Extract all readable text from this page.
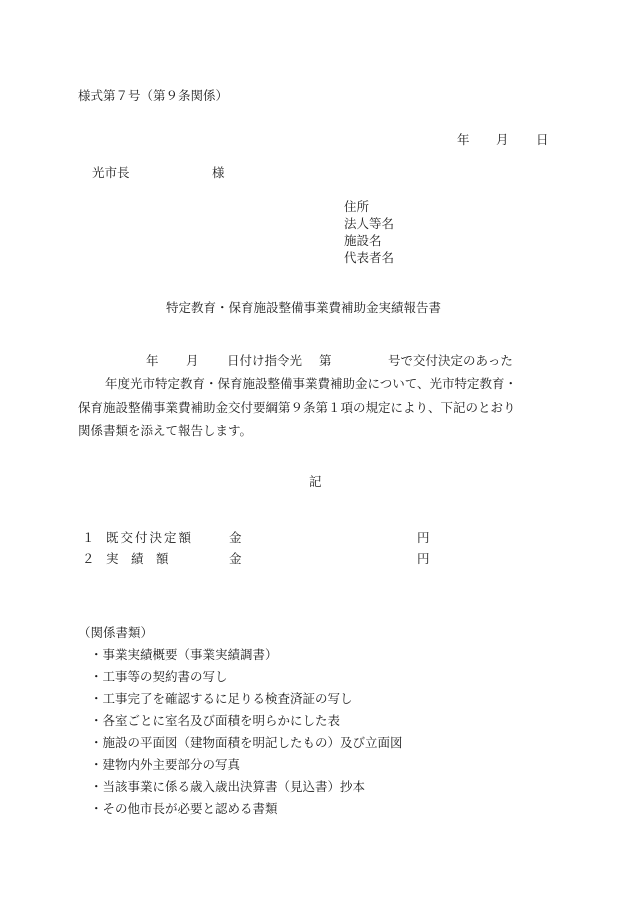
様式第７号（第９条関係）
年 月 日
光市長	様
住所
法人等名
施設名
代表者名
特定教育・保育施設整備事業費補助金実績報告書
年 月 日付け指令光 第	号で交付決定のあった
年度光市特定教育・保育施設整備事業費補助金について、光市特定教育・
保育施設整備事業費補助金交付要綱第９条第１項の規定により、下記のとおり
関係書類を添えて報告します。
記
１ 既交付決定額	金	円
２ 実　績　額	金	円
（関係書類）
・事業実績概要（事業実績調書）
・工事等の契約書の写し
・工事完了を確認するに足りる検査済証の写し
・各室ごとに室名及び面積を明らかにした表
・施設の平面図（建物面積を明記したもの）及び立面図
・建物内外主要部分の写真
・当該事業に係る歳入歳出決算書（見込書）抄本
・その他市長が必要と認める書類
